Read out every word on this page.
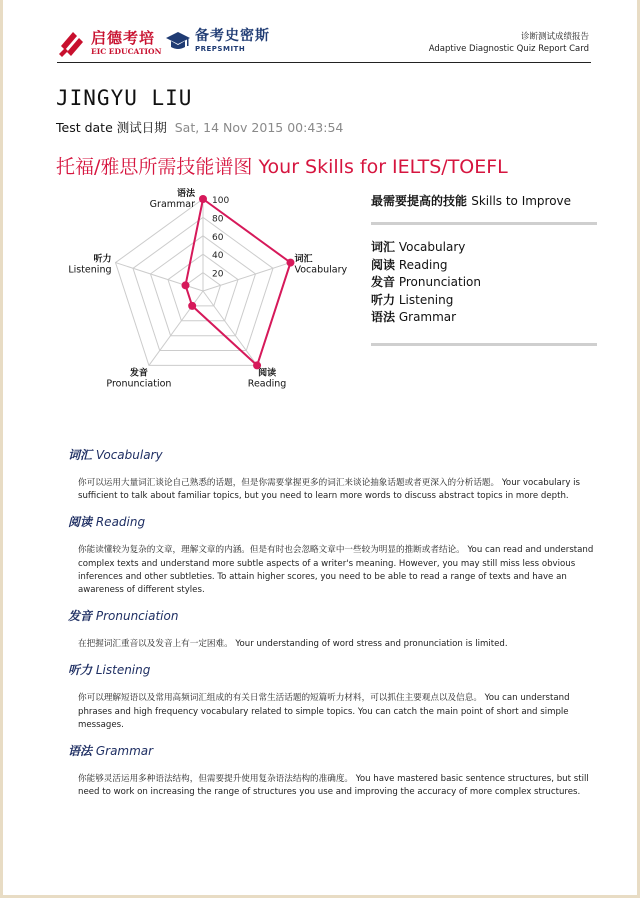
启德考培
EIC EDUCATION
备考史密斯
PREPSMITH
诊断测试成绩报告
Adaptive Diagnostic Quiz Report Card
JINGYU LIU
Test date 测试日期 Sat, 14 Nov 2015 00:43:54
托福/雅思所需技能谱图 Your Skills for IELTS/TOEFL
20
40
60
80
100
语法
Grammar
词汇
Vocabulary
阅读
Reading
发音
Pronunciation
听力
Listening
最需要提高的技能 Skills to Improve
词汇 Vocabulary
阅读 Reading
发音 Pronunciation
听力 Listening
语法 Grammar
词汇 Vocabulary

你可以运用大量词汇谈论自己熟悉的话题，但是你需要掌握更多的词汇来谈论抽象话题或者更深入的分析话题。 Your vocabulary is sufficient to talk about familiar topics, but you need to learn more words to discuss abstract topics in more depth.

阅读 Reading

你能读懂较为复杂的文章，理解文章的内涵。但是有时也会忽略文章中一些较为明显的推断或者结论。 You can read and understand complex texts and understand more subtle aspects of a writer's meaning. However, you may still miss less obvious inferences and other subtleties. To attain higher scores, you need to be able to read a range of texts and have an awareness of different styles.

发音 Pronunciation

在把握词汇重音以及发音上有一定困难。 Your understanding of word stress and pronunciation is limited.

听力 Listening

你可以理解短语以及常用高频词汇组成的有关日常生活话题的短篇听力材料，可以抓住主要观点以及信息。 You can understand phrases and high frequency vocabulary related to simple topics. You can catch the main point of short and simple messages.

语法 Grammar

你能够灵活运用多种语法结构，但需要提升使用复杂语法结构的准确度。 You have mastered basic sentence structures, but still need to work on increasing the range of structures you use and improving the accuracy of more complex structures.
